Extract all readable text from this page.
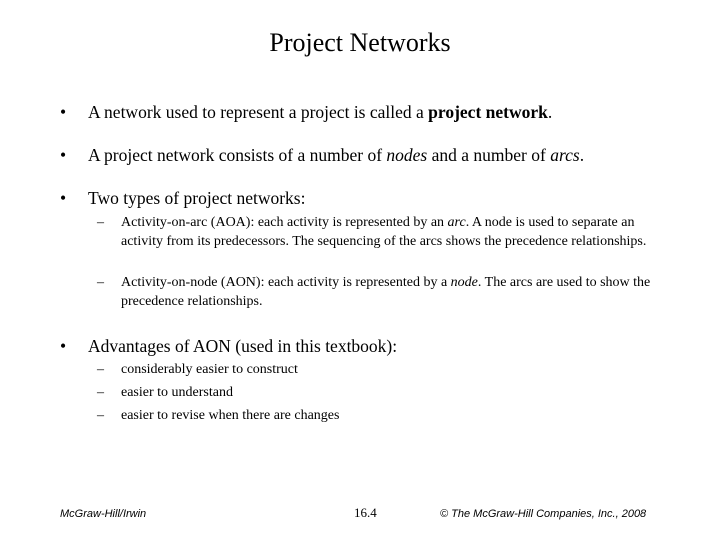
Project Networks
•	A network used to represent a project is called a project network.
•	A project network consists of a number of nodes and a number of arcs.
•	Two types of project networks:
–	Activity-on-arc (AOA): each activity is represented by an arc. A node is used to separate an activity from its predecessors. The sequencing of the arcs shows the precedence relationships.
–	Activity-on-node (AON): each activity is represented by a node. The arcs are used to show the precedence relationships.
•	Advantages of AON (used in this textbook):
–	considerably easier to construct
–	easier to understand
–	easier to revise when there are changes
McGraw-Hill/Irwin	16.4	© The McGraw-Hill Companies, Inc., 2008
